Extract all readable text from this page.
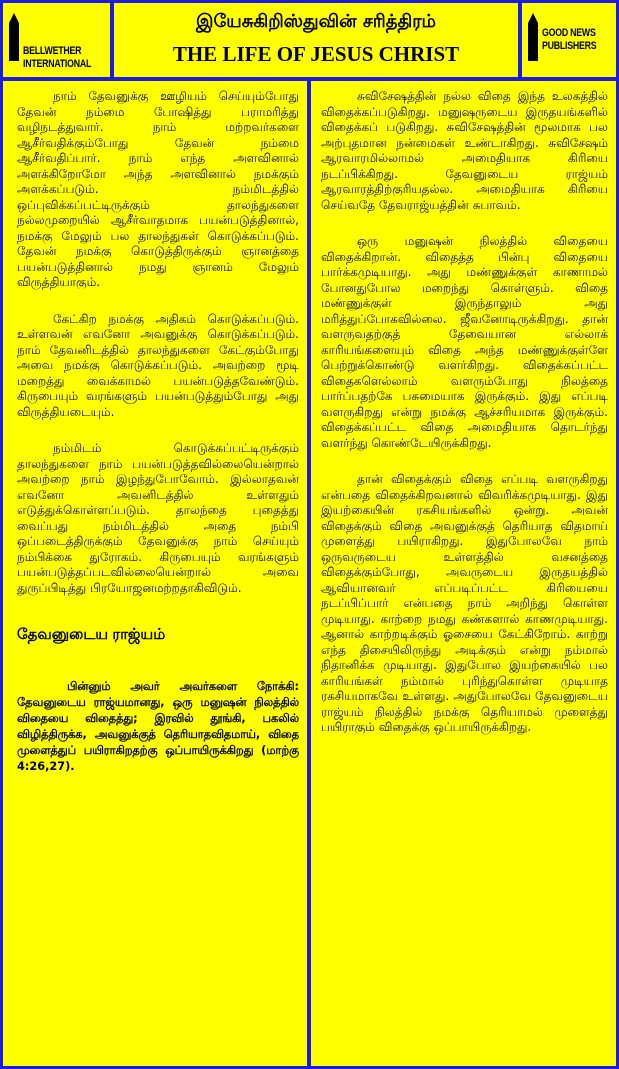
BELLWETHER INTERNATIONAL
இயேசுகிறிஸ்துவின் சரித்திரம்
THE LIFE OF JESUS CHRIST
GOOD NEWS PUBLISHERS

நாம் தேவனுக்கு ஊழியம் செய்யும்போது தேவன் நம்மை போஷித்து பராமரித்து வழிநடத்துவார். நாம் மற்றவர்களை ஆசீர்வதிக்கும்போது தேவன் நம்மை ஆசீர்வதிப்பார். நாம் எந்த அளவினால் அளக்கிறோமோ அந்த அளவினால் நமக்கும் அளக்கப்படும். நம்மிடத்தில் ஒப்புவிக்கப்பட்டிருக்கும் தாலந்துகளை நல்லமுறையில் ஆசீர்வாதமாக பயன்படுத்தினால், நமக்கு மேலும் பல தாலந்துகள் கொடுக்கப்படும். தேவன் நமக்கு கொடுத்திருக்கும் ஞானத்தை பயன்படுத்தினால் நமது ஞானம் மேலும் விருத்தியாகும்.

கேட்கிற நமக்கு அதிகம் கொடுக்கப்படும். உள்ளவன் எவனோ அவனுக்கு கொடுக்கப்படும். நாம் தேவனிடத்தில் தாலந்துகளை கேட்கும்போது அவை நமக்கு கொடுக்கப்படும். அவற்றை மூடி மறைத்து வைக்காமல் பயன்படுத்தவேண்டும். கிருபையும் வரங்களும் பயன்படுத்தும்போது அது விருத்தியடையும்.

நம்மிடம் கொடுக்கப்பட்டிருக்கும் தாலந்துகளை நாம் பயன்படுத்தவில்லையென்றால் அவற்றை நாம் இழந்துபோவோம். இல்லாதவன் எவனோ அவனிடத்தில் உள்ளதும் எடுத்துக்கொள்ளப்படும். தாலந்தை புதைத்து வைப்பது நம்மிடத்தில் அதை நம்பி ஒப்படைத்திருக்கும் தேவனுக்கு நாம் செய்யும் நம்பிக்கை துரோகம். கிருபையும் வரங்களும் பயன்படுத்தப்படவில்லையென்றால் அவை துருப்பிடித்து பிரயோஜனமற்றதாகிவிடும்.

தேவனுடைய ராஜ்யம்

பின்னும் அவர் அவர்களை நோக்கி: தேவனுடைய ராஜ்யமானது, ஒரு மனுஷன் நிலத்தில் விதையை விதைத்து; இரவில் தூங்கி, பகலில் விழித்திருக்க, அவனுக்குத் தெரியாதவிதமாய், விதை முளைத்துப் பயிராகிறதற்கு ஒப்பாயிருக்கிறது (மாற்கு 4:26,27).

சுவிசேஷத்தின் நல்ல விதை இந்த உலகத்தில் விதைக்கப்படுகிறது. மனுஷருடைய இருதயங்களில் விதைக்கப் படுகிறது. சுவிசேஷத்தின் மூலமாக பல அற்புதமான நன்மைகள் உண்டாகிறது. சுவிசேஷம் ஆரவாரமில்லாமல் அமைதியாக கிரியை நடப்பிக்கிறது. தேவனுடைய ராஜ்யம் ஆரவாரத்திற்குரியதல்ல. அமைதியாக கிரியை செய்வதே தேவராஜ்யத்தின் சுபாவம்.

ஒரு மனுஷன் நிலத்தில் விதையை விதைக்கிறான். விதைத்த பின்பு விதையை பார்க்கமுடியாது. அது மண்ணுக்குள் காணாமல் போனதுபோல மறைந்து கொள்ளும். விதை மண்ணுக்குள் இருந்தாலும் அது மரித்துப்போகவில்லை. ஜீவனோடிருக்கிறது. தான் வளருவதற்குத் தேவையான எல்லாக் காரியங்களையும் விதை அந்த மண்ணுக்குள்ளே பெற்றுக்கொண்டு வளர்கிறது. விதைக்கப்பட்ட விதைகளெல்லாம் வளரும்போது நிலத்தை பார்ப்பதற்கே பசுமையாக இருக்கும். இது எப்படி வளருகிறது என்று நமக்கு ஆச்சரியமாக இருக்கும். விதைக்கப்பட்ட விதை அமைதியாக தொடர்ந்து வளர்ந்து கொண்டேயிருக்கிறது.

தான் விதைக்கும் விதை எப்படி வளருகிறது என்பதை விதைக்கிறவனால் விவரிக்கமுடியாது. இது இயற்கையின் ரகசியங்களில் ஒன்று. அவன் விதைக்கும் விதை அவனுக்குத் தெரியாத விதமாய் முளைத்து பயிராகிறது. இதுபோலவே நாம் ஒருவருடைய உள்ளத்தில் வசனத்தை விதைக்கும்போது, அவருடைய இருதயத்தில் ஆவியானவர் எப்படிப்பட்ட கிரியையை நடப்பிப்பார் என்பதை நாம் அறிந்து கொள்ள முடியாது. காற்றை நமது கண்களால் காணமுடியாது. ஆனால் காற்றடிக்கும் ஓசையை கேட்கிறோம். காற்று எந்த திசையிலிருந்து அடிக்கும் என்று நம்மால் நிதானிக்க முடியாது. இதுபோல இயற்கையில் பல காரியங்கள் நம்மால் புரிந்துகொள்ள முடியாத ரகசியமாகவே உள்ளது. அதுபோலவே தேவனுடைய ராஜ்யம் நிலத்தில் நமக்கு தெரியாமல் முளைத்து பயிராகும் விதைக்கு ஒப்பாயிருக்கிறது.
